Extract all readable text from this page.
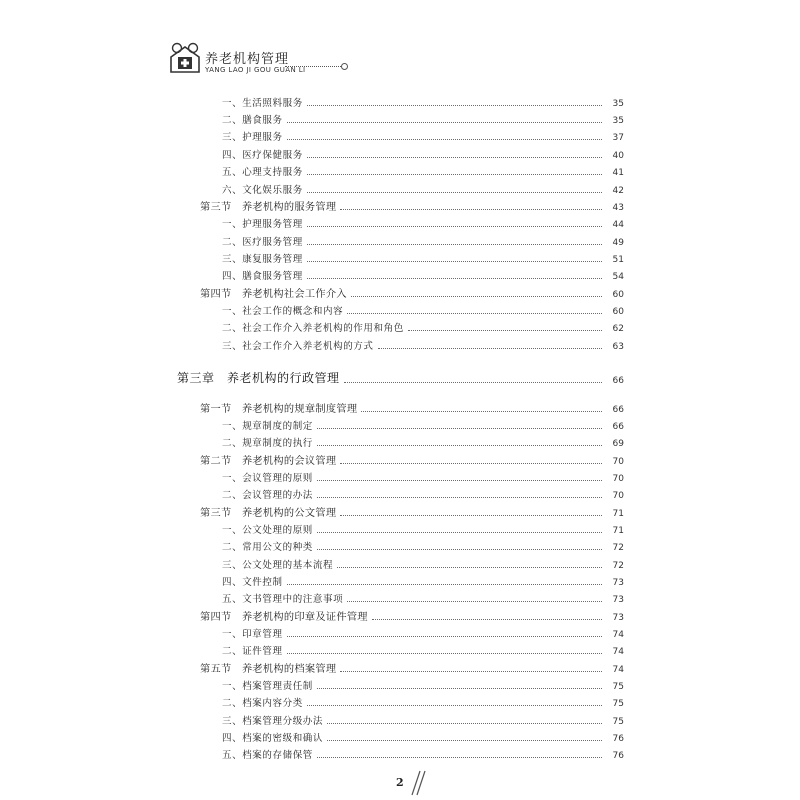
养老机构管理
YANG LAO JI GOU GUAN LI
一、生活照料服务	35
二、膳食服务	35
三、护理服务	37
四、医疗保健服务	40
五、心理支持服务	41
六、文化娱乐服务	42
第三节　养老机构的服务管理	43
一、护理服务管理	44
二、医疗服务管理	49
三、康复服务管理	51
四、膳食服务管理	54
第四节　养老机构社会工作介入	60
一、社会工作的概念和内容	60
二、社会工作介入养老机构的作用和角色	62
三、社会工作介入养老机构的方式	63
第三章　养老机构的行政管理	66
第一节　养老机构的规章制度管理	66
一、规章制度的制定	66
二、规章制度的执行	69
第二节　养老机构的会议管理	70
一、会议管理的原则	70
二、会议管理的办法	70
第三节　养老机构的公文管理	71
一、公文处理的原则	71
二、常用公文的种类	72
三、公文处理的基本流程	72
四、文件控制	73
五、文书管理中的注意事项	73
第四节　养老机构的印章及证件管理	73
一、印章管理	74
二、证件管理	74
第五节　养老机构的档案管理	74
一、档案管理责任制	75
二、档案内容分类	75
三、档案管理分级办法	75
四、档案的密级和确认	76
五、档案的存储保管	76
2
